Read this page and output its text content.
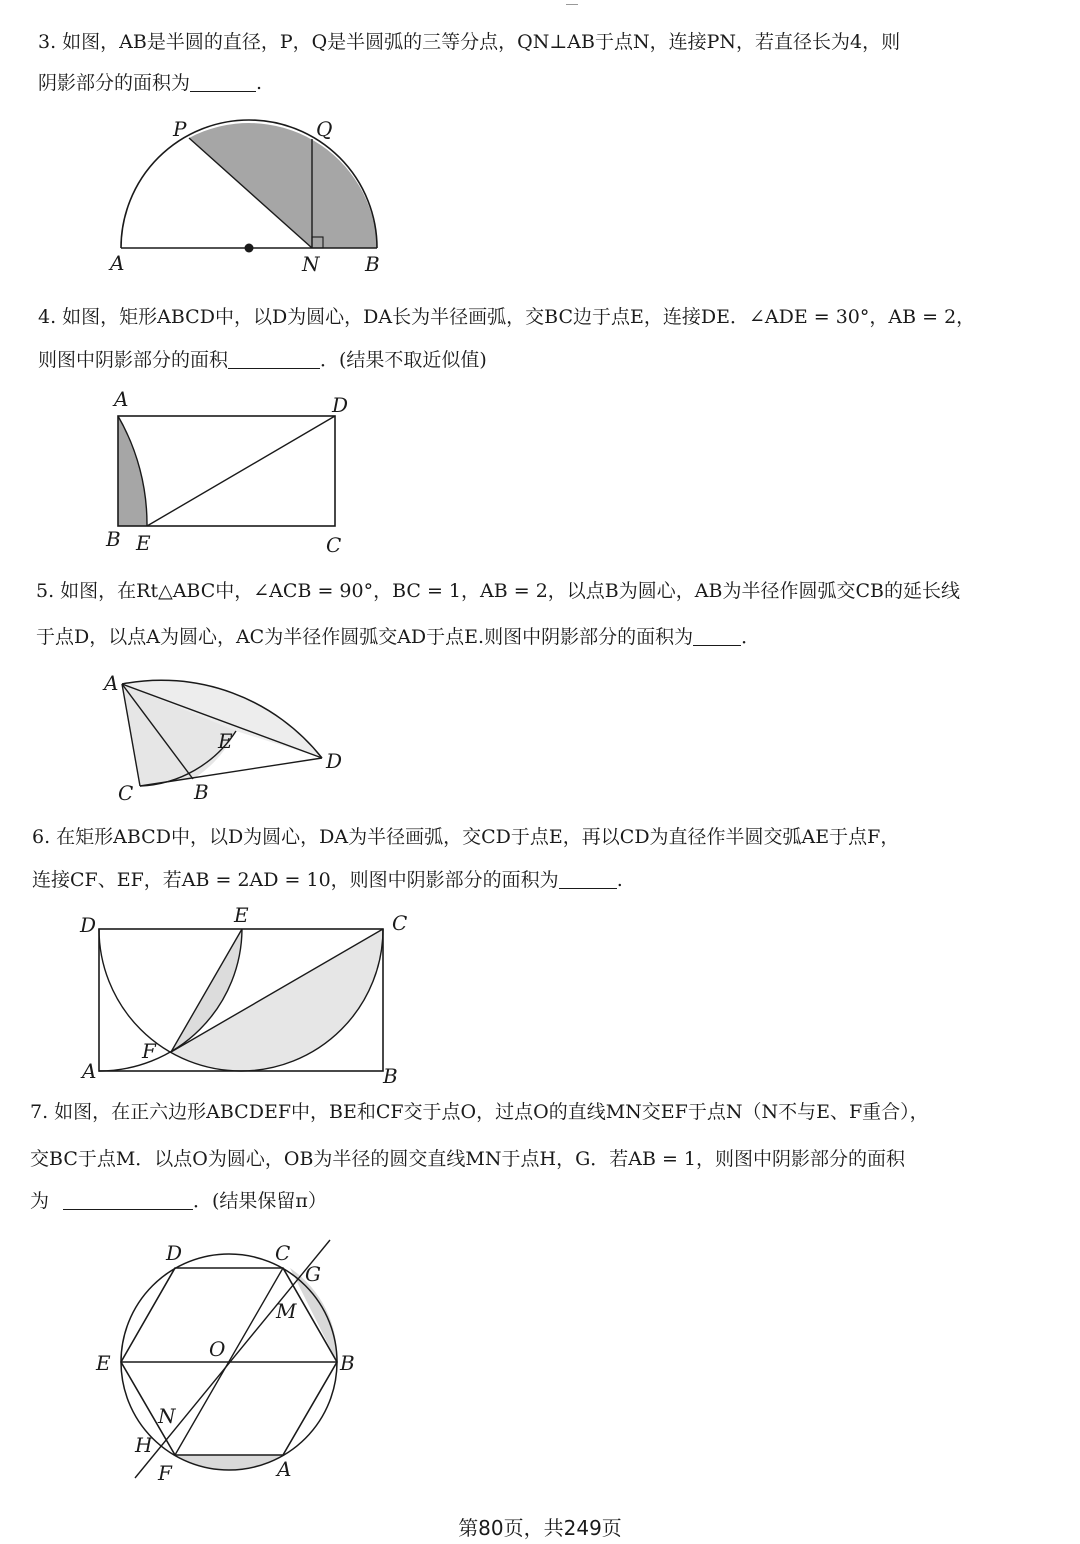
3. 如图，AB是半圆的直径，P，Q是半圆弧的三等分点，QN⊥AB于点N，连接PN，若直径长为4，则
阴影部分的面积为	.
P	Q
A	N B
4. 如图，矩形ABCD中，以D为圆心，DA长为半径画弧，交BC边于点E，连接DE．∠ADE = 30°，AB = 2，
则图中阴影部分的面积	．(结果不取近似值)
A	D
B E	C
5. 如图，在Rt△ABC中，∠ACB = 90°，BC = 1，AB = 2，以点B为圆心，AB为半径作圆弧交CB的延长线
于点D，以点A为圆心，AC为半径作圆弧交AD于点E.则图中阴影部分的面积为	．
A
E
D
C	B
6. 在矩形ABCD中，以D为圆心，DA为半径画弧，交CD于点E，再以CD为直径作半圆交弧AE于点F，
连接CF、EF，若AB = 2AD = 10，则图中阴影部分的面积为	.
D	E	C
F
A	B
7. 如图，在正六边形ABCDEF中，BE和CF交于点O，过点O的直线MN交EF于点N（N不与E、F重合），
交BC于点M．以点O为圆心，OB为半径的圆交直线MN于点H，G．若AB = 1，则图中阴影部分的面积
为	．(结果保留π）
D	C
G
M
O
E	B
N
H
F	A
第80页，共249页
